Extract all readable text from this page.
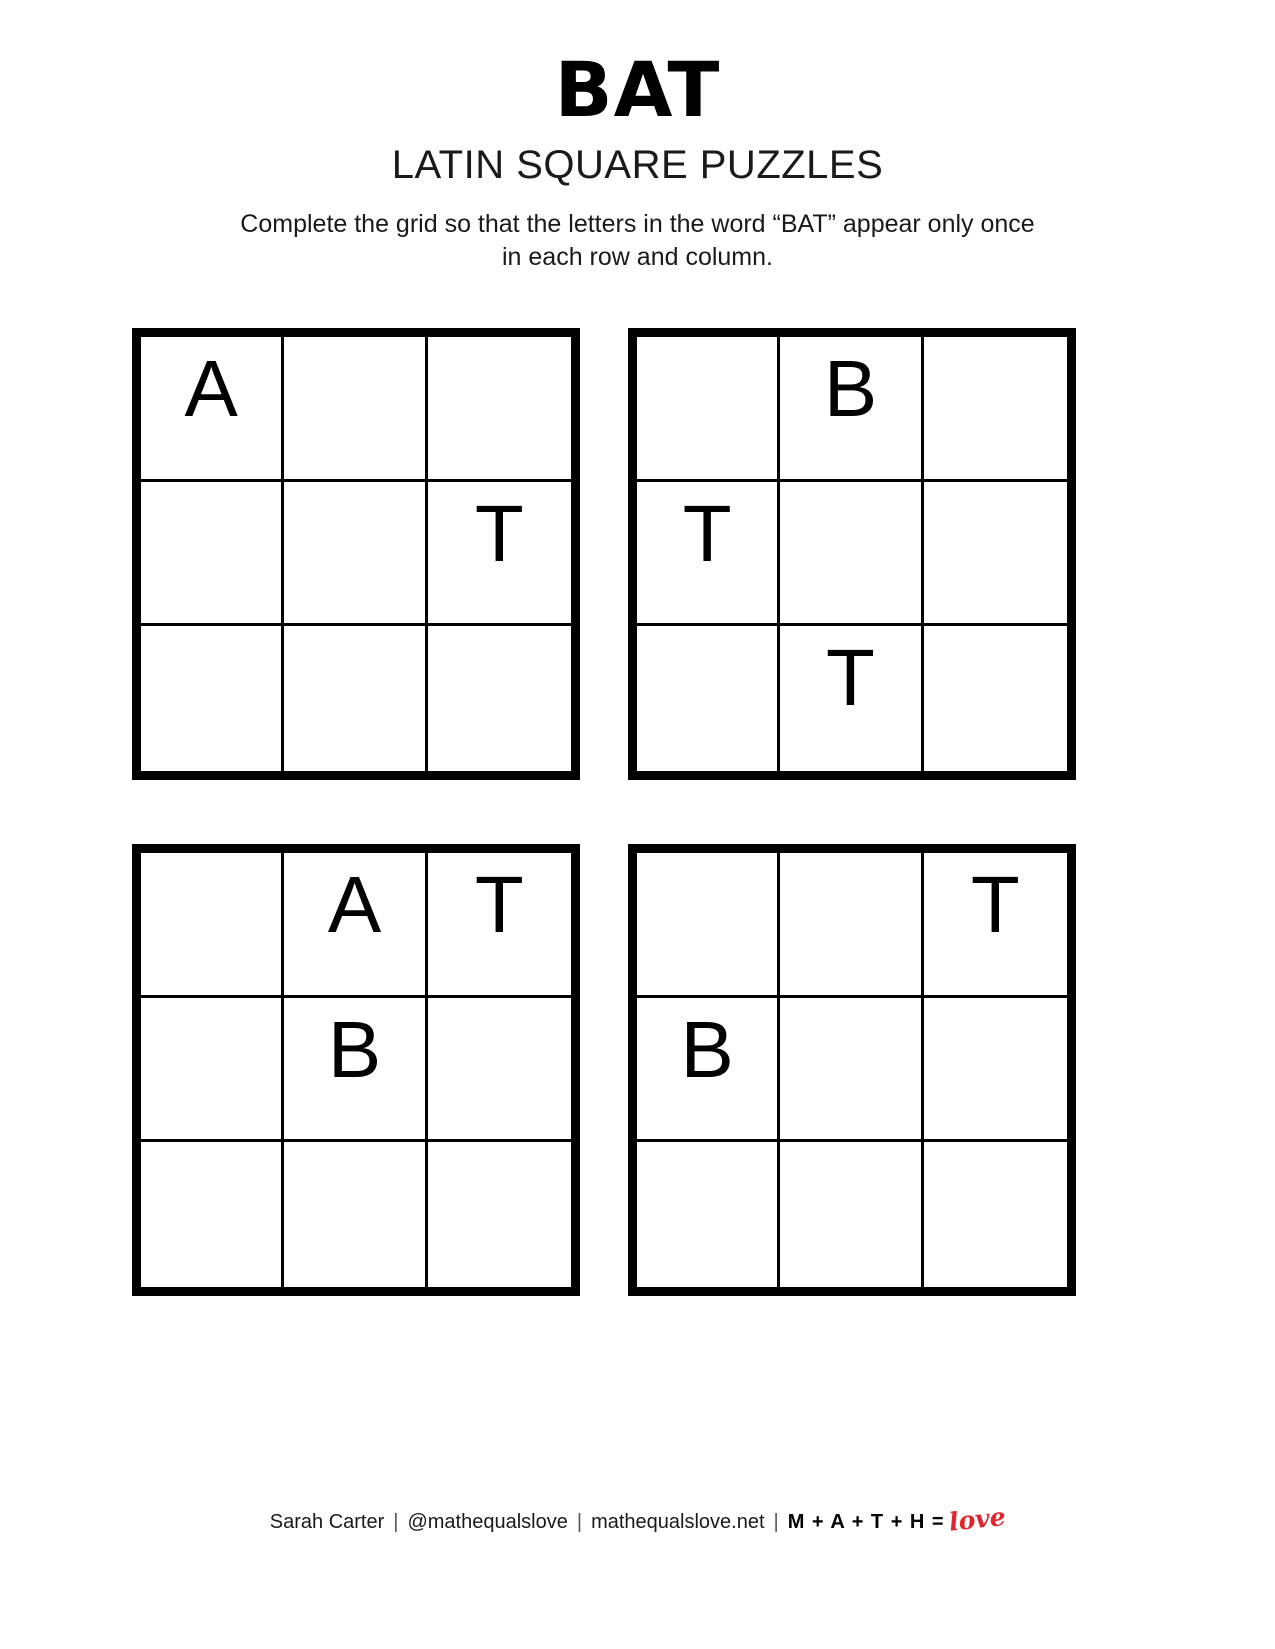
BAT
LATIN SQUARE PUZZLES
Complete the grid so that the letters in the word “BAT” appear only once
in each row and column.
A
T
B
T
T
A T
B
T
B
Sarah Carter | @mathequalslove | mathequalslove.net | M + A + T + H = love
